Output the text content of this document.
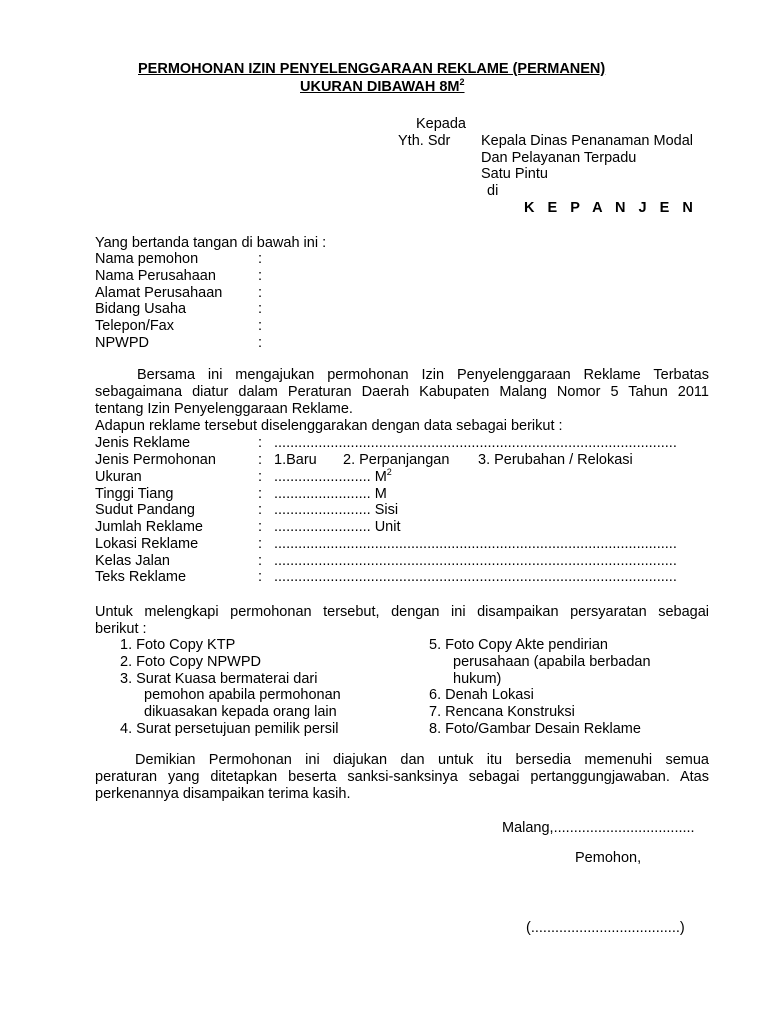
PERMOHONAN IZIN PENYELENGGARAAN REKLAME (PERMANEN)
UKURAN DIBAWAH $8M^2$
Kepada
Yth. Sdr Kepala Dinas Penanaman Modal
Dan Pelayanan Terpadu
Satu Pintu
di
K E P A N J E N
Yang bertanda tangan di bawah ini :
Nama pemohon	:
Nama Perusahaan	:
Alamat Perusahaan :
Bidang Usaha	:
Telepon/Fax	:
NPWPD	:
Bersama ini mengajukan permohonan Izin Penyelenggaraan Reklame Terbatas
sebagaimana diatur dalam Peraturan Daerah Kabupaten Malang Nomor 5 Tahun 2011
tentang Izin Penyelenggaraan Reklame.
Adapun reklame tersebut diselenggarakan dengan data sebagai berikut :
Jenis Reklame	: ....................................................................................................
Jenis Permohonan	: 1.Baru 2. Perpanjangan 3. Perubahan / Relokasi
Ukuran	: ........................ $M^2$
Tinggi Tiang	: ........................ M
Sudut Pandang	: ........................ Sisi
Jumlah Reklame	: ........................ Unit
Lokasi Reklame	: ....................................................................................................
Kelas Jalan	: ....................................................................................................
Teks Reklame	: ....................................................................................................
Untuk melengkapi permohonan tersebut, dengan ini disampaikan persyaratan sebagai
berikut :
1. Foto Copy KTP
2. Foto Copy NPWPD
3. Surat Kuasa bermaterai dari
pemohon apabila permohonan
dikuasakan kepada orang lain
4. Surat persetujuan pemilik persil
5. Foto Copy Akte pendirian
perusahaan (apabila berbadan
hukum)
6. Denah Lokasi
7. Rencana Konstruksi
8. Foto/Gambar Desain Reklame
Demikian Permohonan ini diajukan dan untuk itu bersedia memenuhi semua
peraturan yang ditetapkan beserta sanksi-sanksinya sebagai pertanggungjawaban. Atas
perkenannya disampaikan terima kasih.
Malang,...................................
Pemohon,
(.....................................)
